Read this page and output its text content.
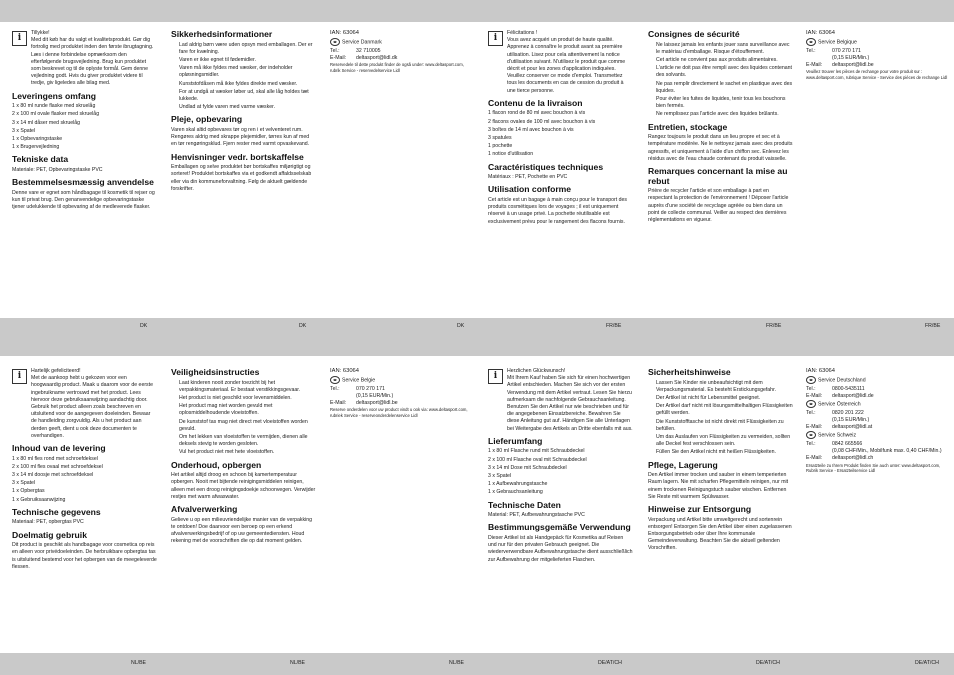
i	Tillykke!
Med dit køb har du valgt et kvalitetsprodukt. Gør dig fortrolig med produktet inden den første ibrugtagning. Læs i denne forbindelse opmærksom den efterfølgende brugsvejledning. Brug kun produktet som beskrevet og til de oplyste formål. Gem denne vejledning godt. Hvis du giver produktet videre til tredje, giv ligeledes alle bilag med.

Leveringens omfang

1 x 80 ml runde flaske med skruelåg

2 x 100 ml ovale flasker med skruelåg

3 x 14 ml dåser med skruelåg

3 x Spatel

1 x Opbevaringstaske

1 x Brugervejledning

Tekniske data

Materiale: PET, Opbevaringstaske PVC

Bestemmelsesmæssig anvendelse

Denne vare er egnet som håndbagage til kosmetik til rejser og kun til privat brug. Den genanvendelige opbevaringstaske tjener udelukkende til opbevaring af de medleverede flasker.

Sikkerhedsinformationer
• Lad aldrig børn være uden opsyn med emballagen. Der er fare for kvælning.
• Varen er ikke egnet til fødemidler.
• Varen må ikke fyldes med væsker, der indeholder opløsningsmidler.
• Kunststofdåsen må ikke fyldes direkte med væsker.
• For at undgå at væsker løber ud, skal alle låg holdes tæt lukkede.
• Undlad at fylde varen med varme væsker.
Pleje, opbevaring

Varen skal altid opbevares tør og ren i et velventeret rum. Rengøres aldrig med skrappe plejemidler, tørres kun af med en tør rengøringsklud. Fjern rester med varmt opvaskevand.

Henvisninger vedr. bortskaffelse

Emballagen og selve produktet bør bortskaffes miljørigtigt og sorteret! Produktet bortskaffes via et godkendt affaldsselskab eller via din kommuneforvaltning. Følg de aktuelt gældende forskrifter.

IAN: 63064

☎ Service Danmark

Tel.:	32 710005
E-Mail:	deltasport@lidl.dk

Reservedele til dette produkt finder de også under: www.deltasport.com, rubrik Service - reservedelservice Lidl

i	Félicitations !
Vous avez acquéri un produit de haute qualité. Apprenez à connaître le produit avant sa première utilisation. Lisez pour cela attentivement la notice d'utilisation suivant. N'utilisez le produit que comme décrit et pour les zones d'application indiquées. Veuillez conserver ce mode d'emploi. Transmettez tous les documents en cas de cession du produit à une tierce personne.

Contenu de la livraison

1 flacon rond de 80 ml avec bouchon à vis

2 flacons ovales de 100 ml avec bouchon à vis

3 boîtes de 14 ml avec bouchon à vis

3 spatules

1 pochette

1 notice d'utilisation

Caractéristiques techniques

Matériaux : PET, Pochette en PVC

Utilisation conforme

Cet article est un bagage à main conçu pour le transport des produits cosmétiques lors de voyages ; il est uniquement réservé à un usage privé. La pochette réutilisable est exclusivement prévu pour le rangement des flacons fournis.

Consignes de sécurité
• Ne laissez jamais les enfants jouer sans surveillance avec le matériau d'emballage. Risque d'étouffement.
• Cet article ne convient pas aux produits alimentaires.
• L'article ne doit pas être rempli avec des liquides contenant des solvants.
• Ne pas remplir directement le sachet en plastique avec des liquides.
• Pour éviter les fuites de liquides, tenir tous les bouchons bien fermés.
• Ne remplissez pas l'article avec des liquides brûlants.
Entretien, stockage

Rangez toujours le produit dans un lieu propre et sec et à température modérée. Ne le nettoyez jamais avec des produits agressifs, et uniquement à l'aide d'un chiffon sec. Enlevez les résidus avec de l'eau chaude contenant du produit vaisselle.

Remarques concernant la mise au rebut

Prière de recycler l'article et son emballage à part en respectant la protection de l'environnement ! Déposer l'article auprès d'une société de recyclage agréée ou bien dans un point de collecte communal. Veiller au respect des dernières réglementations en vigueur.

IAN: 63064

☎ Service Belgique

Tel.:	070 270 171
(0,15 EUR/Min.)
E-Mail:	deltasport@lidl.be

Veuillez trouver les pièces de rechange pour votre produit sur : www.deltasport.com, rubrique Service - Service des pièces de rechange Lidl

DK	DK	DK	FR/BE	FR/BE	FR/BE
i	Hartelijk gefeliciteerd!
Met de aankoop hebt u gekozen voor een hoogwaardig product. Maak u daarom voor de eerste ingebruikname vertrouwd met het product. Lees hiervoor deze gebruiksaanwijzing aandachtig door. Gebruik het product alleen zoals beschreven en uitsluitend voor de aangegeven doeleinden. Bewaar de handleiding zorgvuldig. Als u het product aan derden geeft, dient u ook deze documenten te overhandigen.

Inhoud van de levering

1 x 80 ml fles rond met schroefdeksel

2 x 100 ml fles ovaal met schroefdeksel

3 x 14 ml doosje met schroefdeksel

3 x Spatel

1 x Opbergtas

1 x Gebruiksaanwijzing

Technische gegevens

Materiaal: PET, opbergtas PVC

Doelmatig gebruik

Dit product is geschikt als handbagage voor cosmetica op reis en alleen voor privédoeleinden. De herbruikbare opbergtas tas is uitsluitend bestemd voor het opbergen van de meegeleverde flessen.

Veiligheidsinstructies
• Laat kinderen nooit zonder toezicht bij het verpakkingsmateriaal. Er bestaat verstikkingsgevaar.
• Het product is niet geschikt voor levensmiddelen.
• Het product mag niet worden gevuld met oplosmiddelhoudende vloeistoffen.
• De kunststof tas mag niet direct met vloeistoffen worden gevuld.
• Om het lekken van vloeistoffen te vermijden, dienen alle deksels stevig te worden gesloten.
• Vul het product niet met hete vloeistoffen.
Onderhoud, opbergen

Het artikel altijd droog en schoon bij kamertemperatuur opbergen. Nooit met bijtende reinigingsmiddelen reinigen, alleen met een droog reinigingsdoekje schoonvegen. Verwijder restjes met warm afwaswater.

Afvalverwerking

Gelieve u op een milieuvriendelijke manier van de verpakking te ontdoen! Doe daarvoor een beroep op een erkend afvalverwerkingsbedrijf of op uw gemeentediensten. Houd rekening met de voorschriften die op dat moment gelden.

IAN: 63064

☎ Service Belgie

Tel.:	070 270 171
(0,15 EUR/Min.)
E-Mail:	deltasport@lidl.be

Reserve onderdelen voor uw product vindt u ook via: www.deltasport.com, rubriek Service - reserveonderdelenservice Lidl

i	Herzlichen Glückwunsch!
Mit Ihrem Kauf haben Sie sich für einen hochwertigen Artikel entschieden. Machen Sie sich vor der ersten Verwendung mit dem Artikel vertraut. Lesen Sie hierzu aufmerksam die nachfolgende Gebrauchsanleitung. Benutzen Sie den Artikel nur wie beschrieben und für die angegebenen Einsatzbereiche. Bewahren Sie diese Anleitung gut auf. Händigen Sie alle Unterlagen bei Weitergabe des Artikels an Dritte ebenfalls mit aus.

Lieferumfang

1 x 80 ml Flasche rund mit Schraubdeckel

2 x 100 ml Flasche oval mit Schraubdeckel

3 x 14 ml Dose mit Schraubdeckel

3 x Spatel

1 x Aufbewahrungstasche

1 x Gebrauchsanleitung

Technische Daten

Material: PET, Aufbewahrungstasche PVC

Bestimmungsgemäße Verwendung

Dieser Artikel ist als Handgepäck für Kosmetika auf Reisen und nur für den privaten Gebrauch geeignet. Die wiederverwendbare Aufbewahrungstasche dient ausschließlich zur Aufbewahrung der mitgelieferten Flaschen.

Sicherheitshinweise
• Lassen Sie Kinder nie unbeaufsichtigt mit dem Verpackungsmaterial. Es besteht Erstickungsgefahr.
• Der Artikel ist nicht für Lebensmittel geeignet.
• Der Artikel darf nicht mit lösungsmittelhaltigen Flüssigkeiten gefüllt werden.
• Die Kunststofftasche ist nicht direkt mit Flüssigkeiten zu befüllen.
• Um das Auslaufen von Flüssigkeiten zu vermeiden, sollten alle Deckel fest verschlossen sein.
• Füllen Sie den Artikel nicht mit heißen Flüssigkeiten.
Pflege, Lagerung

Den Artikel immer trocken und sauber in einem temperierten Raum lagern. Nie mit scharfen Pflegemitteln reinigen, nur mit einem trockenen Reinigungstuch sauber wischen. Entfernen Sie Reste mit warmem Spülwasser.

Hinweise zur Entsorgung

Verpackung und Artikel bitte umweltgerecht und sortenrein entsorgen! Entsorgen Sie den Artikel über einen zugelassenen Entsorgungsbetrieb oder über Ihre kommunale Gemeindeverwaltung. Beachten Sie die aktuell geltenden Vorschriften.

IAN: 63064

☎ Service Deutschland

Tel.:	0800-5435111
E-Mail:	deltasport@lidl.de

☎ Service Österreich

Tel.:	0820 201 222
(0,15 EUR/Min.)
E-Mail:	deltasport@lidl.at

☎ Service Schweiz

Tel.:	0842 665566
(0,08 CHF/Min., Mobilfunk max. 0,40 CHF/Min.)
E-Mail:	deltasport@lidl.ch

Ersatzteile zu Ihrem Produkt finden Sie auch unter: www.deltasport.com, Rubrik Service - Ersatzteilservice Lidl

NL/BE	NL/BE	NL/BE	DE/AT/CH	DE/AT/CH	DE/AT/CH
